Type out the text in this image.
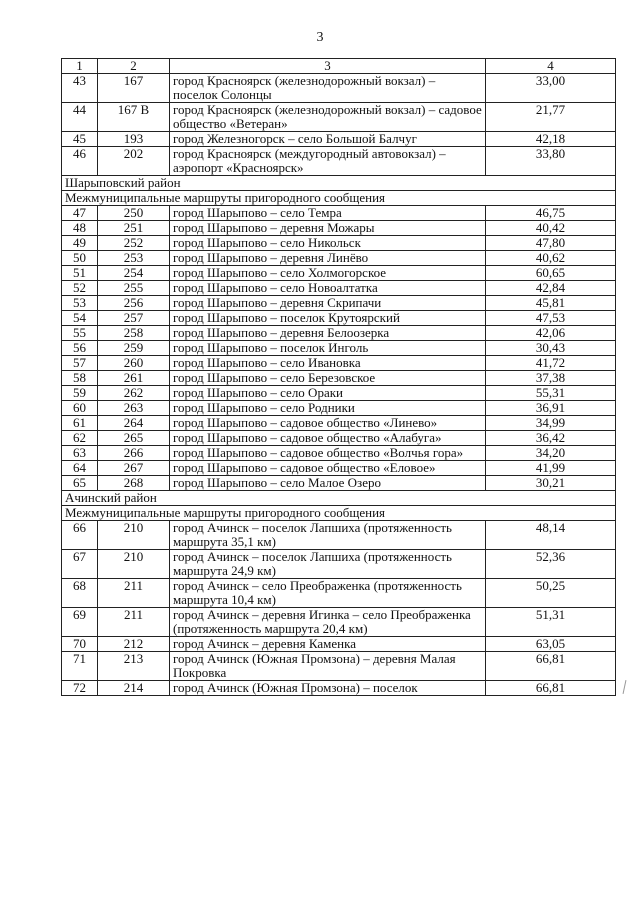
3
1	2	3	4
43	167	город Красноярск (железнодорожный вокзал) – поселок Солонцы	33,00
44	167 В	город Красноярск (железнодорожный вокзал) – садовое общество «Ветеран»	21,77
45	193	город Железногорск – село Большой Балчуг	42,18
46	202	город Красноярск (междугородный автовокзал) – аэропорт «Красноярск»	33,80
Шарыповский район			
Межмуниципальные маршруты пригородного сообщения			
47	250	город Шарыпово – село Темра	46,75
48	251	город Шарыпово – деревня Можары	40,42
49	252	город Шарыпово – село Никольск	47,80
50	253	город Шарыпово – деревня Линёво	40,62
51	254	город Шарыпово – село Холмогорское	60,65
52	255	город Шарыпово – село Новоалтатка	42,84
53	256	город Шарыпово – деревня Скрипачи	45,81
54	257	город Шарыпово – поселок Крутоярский	47,53
55	258	город Шарыпово – деревня Белоозерка	42,06
56	259	город Шарыпово – поселок Инголь	30,43
57	260	город Шарыпово – село Ивановка	41,72
58	261	город Шарыпово – село Березовское	37,38
59	262	город Шарыпово – село Ораки	55,31
60	263	город Шарыпово – село Родники	36,91
61	264	город Шарыпово – садовое общество «Линево»	34,99
62	265	город Шарыпово – садовое общество «Алабуга»	36,42
63	266	город Шарыпово – садовое общество «Волчья гора»	34,20
64	267	город Шарыпово – садовое общество «Еловое»	41,99
65	268	город Шарыпово – село Малое Озеро	30,21
Ачинский район			
Межмуниципальные маршруты пригородного сообщения			
66	210	город Ачинск – поселок Лапшиха (протяженность маршрута 35,1 км)	48,14
67	210	город Ачинск – поселок Лапшиха (протяженность маршрута 24,9 км)	52,36
68	211	город Ачинск – село Преображенка (протяженность маршрута 10,4 км)	50,25
69	211	город Ачинск – деревня Игинка – село Преображенка (протяженность маршрута 20,4 км)	51,31
70	212	город Ачинск – деревня Каменка	63,05
71	213	город Ачинск (Южная Промзона) – деревня Малая Покровка	66,81
72	214	город Ачинск (Южная Промзона) – поселок	66,81
